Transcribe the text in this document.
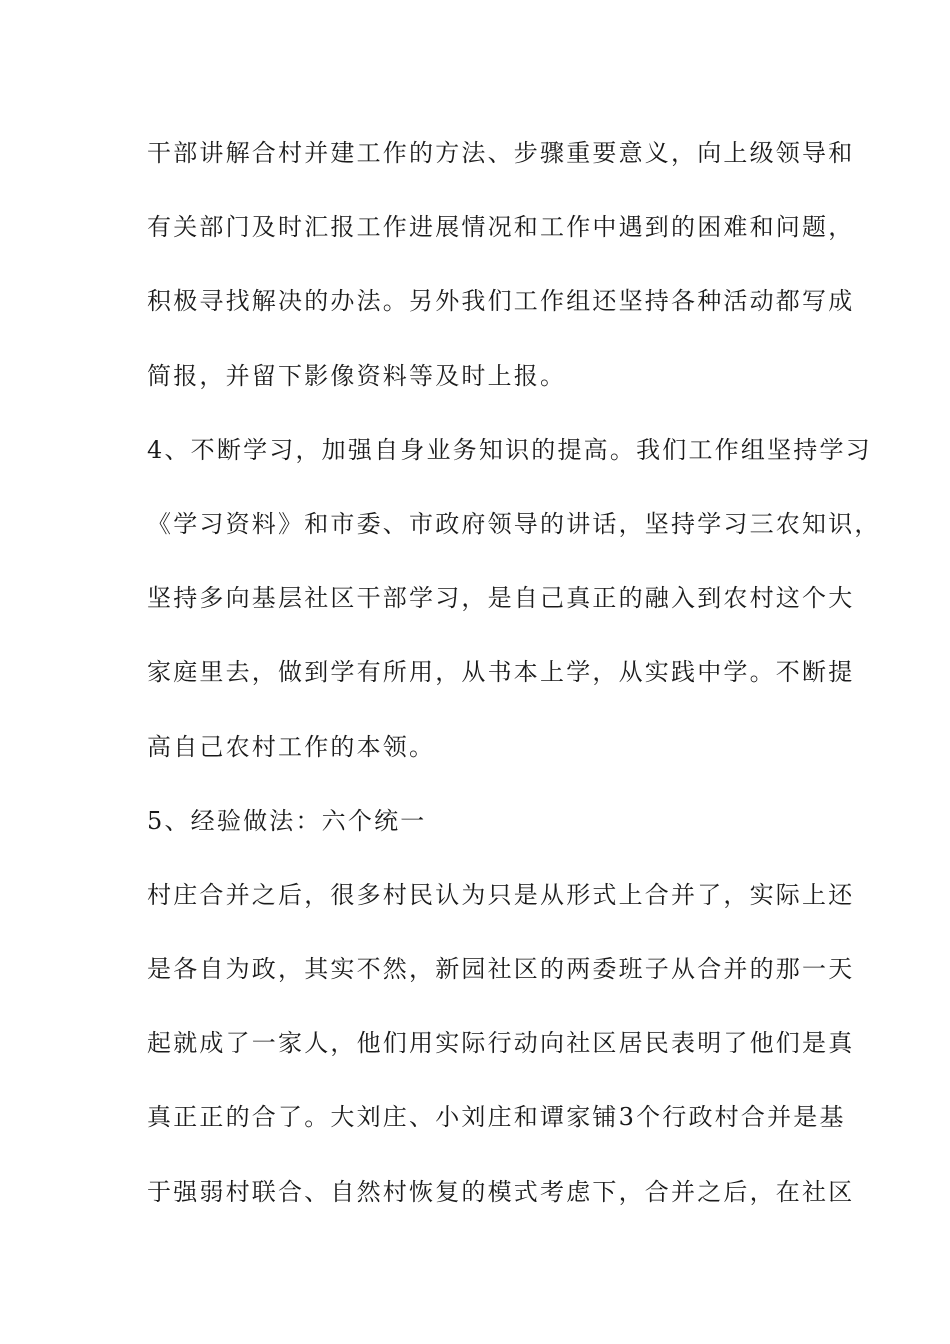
干部讲解合村并建工作的方法、步骤重要意义，向上级领导和
有关部门及时汇报工作进展情况和工作中遇到的困难和问题，
积极寻找解决的办法。另外我们工作组还坚持各种活动都写成
简报，并留下影像资料等及时上报。
4、不断学习，加强自身业务知识的提高。我们工作组坚持学习
《学习资料》和市委、市政府领导的讲话，坚持学习三农知识，
坚持多向基层社区干部学习，是自己真正的融入到农村这个大
家庭里去，做到学有所用，从书本上学，从实践中学。不断提
高自己农村工作的本领。
5、经验做法：六个统一
村庄合并之后，很多村民认为只是从形式上合并了，实际上还
是各自为政，其实不然，新园社区的两委班子从合并的那一天
起就成了一家人，他们用实际行动向社区居民表明了他们是真
真正正的合了。大刘庄、小刘庄和谭家铺3个行政村合并是基
于强弱村联合、自然村恢复的模式考虑下，合并之后，在社区
